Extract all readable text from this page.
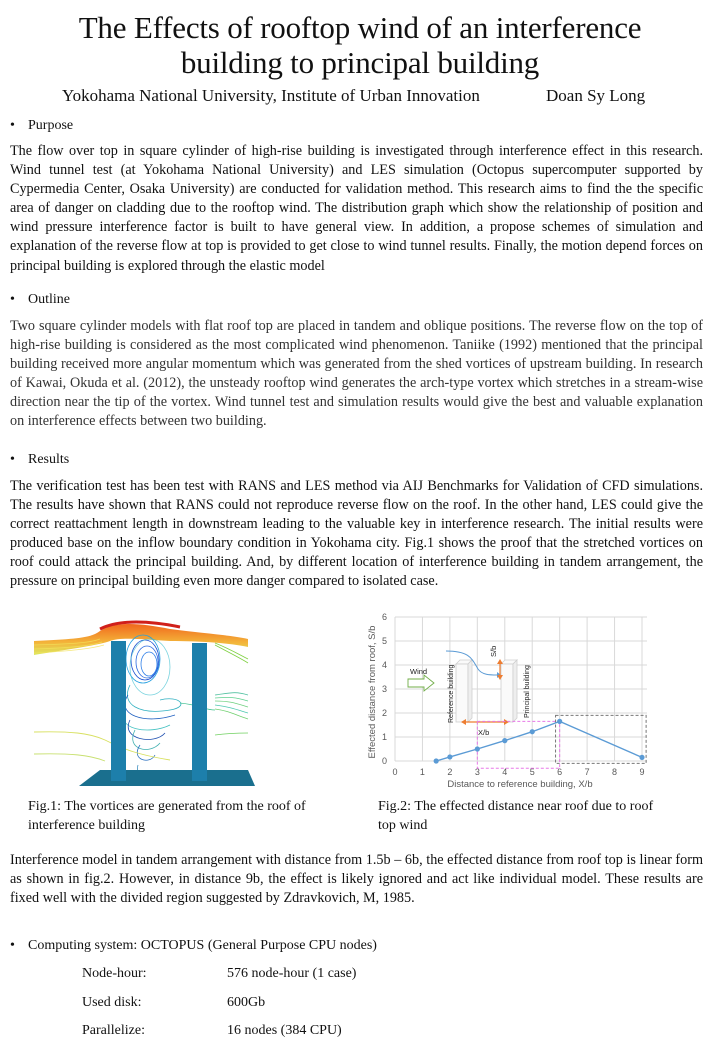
The Effects of rooftop wind of an interference
building to principal building
Yokohama National University, Institute of Urban Innovation	Doan Sy Long
• Purpose
The flow over top in square cylinder of high-rise building is investigated through interference effect in this research. Wind tunnel test (at Yokohama National University) and LES simulation (Octopus supercomputer supported by Cypermedia Center, Osaka University) are conducted for validation method. This research aims to find the the specific area of danger on cladding due to the rooftop wind. The distribution graph which show the relationship of position and wind pressure interference factor is built to have general view. In addition, a propose schemes of simulation and explanation of the reverse flow at top is provided to get close to wind tunnel results. Finally, the motion depend forces on principal building is explored through the elastic model
• Outline
Two square cylinder models with flat roof top are placed in tandem and oblique positions. The reverse flow on the top of high-rise building is considered as the most complicated wind phenomenon. Taniike (1992) mentioned that the principal building received more angular momentum which was generated from the shed vortices of upstream building. In research of Kawai, Okuda et al. (2012), the unsteady rooftop wind generates the arch-type vortex which stretches in a stream-wise direction near the tip of the vortex. Wind tunnel test and simulation results would give the best and valuable explanation on interference effects between two building.
• Results
The verification test has been test with RANS and LES method via AIJ Benchmarks for Validation of CFD simulations. The results have shown that RANS could not reproduce reverse flow on the roof. In the other hand, LES could give the correct reattachment length in downstream leading to the valuable key in interference research. The initial results were produced base on the inflow boundary condition in Yokohama city. Fig.1 shows the proof that the stretched vortices on roof could attack the principal building. And, by different location of interference building in tandem arrangement, the pressure on principal building even more danger compared to isolated case.
0
1
2
3
4
5
6
0 1 2 3 4 5 6 7 8 9
Distance to reference building, X/b
Effected distance from roof, S/b	S/b
X/b
Reference building	Principal building
Wind
Fig.1: The vortices are generated from the roof of
interference building
Fig.2: The effected distance near roof due to roof
top wind
Interference model in tandem arrangement with distance from 1.5b – 6b, the effected distance from roof top is linear form as shown in fig.2. However, in distance 9b, the effect is likely ignored and act like individual model. These results are fixed well with the divided region suggested by Zdravkovich, M, 1985.
• Computing system: OCTOPUS (General Purpose CPU nodes)
Node-hour:	576 node-hour (1 case)
Used disk:	600Gb
Parallelize:	16 nodes (384 CPU)
